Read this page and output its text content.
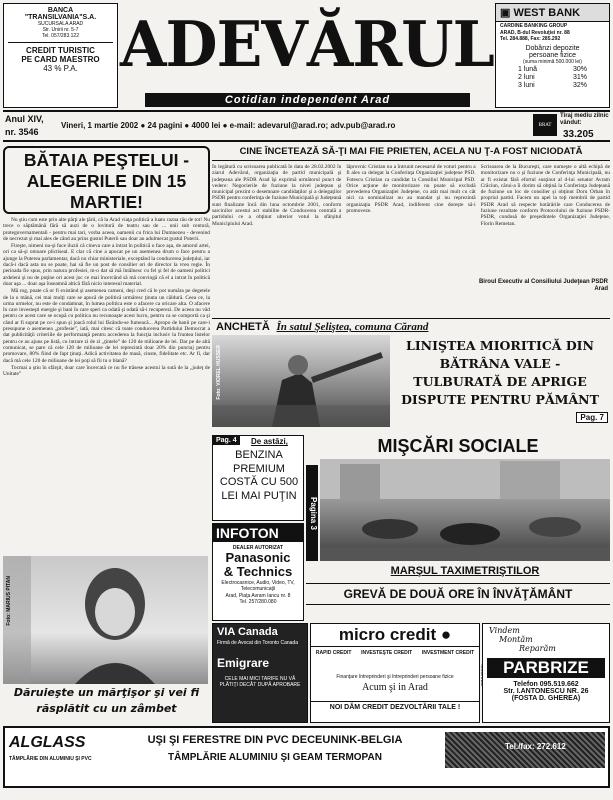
BANCA
"TRANSILVANIA"S.A.
SUCURSALA ARAD
Str. Unirii nr. 5-7
Tel. 057/283.122
CREDIT TURISTIC
PE CARD MAESTRO
43 % P.A. ADEVĂRUL
Cotidian independent Arad
▣ WEST BANK
CARDINE BANKING GROUP
ARAD, B-dul Revoluţiei nr. 88
Tel. 284.888, Fax: 285.292
Dobânzi depozite
persoane fizice
(suma minimă 500.000 lei)
1 lună	30%
2 luni	31%
3 luni	32%
Anul XIV,
nr. 3546
Vineri, 1 martie 2002 ● 24 pagini ● 4000 lei ● e-mail: adevarul@arad.ro; adv.pub@arad.ro	BRAT
Tiraj mediu zilnic vândut:
33.205
BĂTAIA PEŞTELUI - ALEGERILE DIN 15 MARTIE!

Nu ştiu cum este prin alte părţi ale ţării, că la Arad viaţa politică a luato razna rău de tot! Nu trece o săptămână fără să auzi de o lovitură de teatru sau de ... unii sub centură, proteguvernamentali - pentru mai tari, vorba aceea, oamenii cu frica lui Dumnezeu - devenind de necrezut şi mai ales de când au prins gustul Puterii sau doar au adulmecat gustul Puterii.

Fireşte, nimeni nu-şi face iluzii că cineva care a intrat în politică o face aşa, de amorul artei, ori ca să-şi omoare plictiseal. E clar că cine a apucat pe un asemenea drum o face pentru a ajunge la Puterea parlamentar, dacă nu chiar ministeriale, exceptând la conducerea judeţului, iar dacă-i dacă asta nu se poate, hai să fie un post de consilier ori de director la vreo regie. În perioada fie spus, prin natura profesiei, m-o dat să mă întâlnesc cu fel şi fel de oameni politici ardeleni şi nu de puţine ori acest joc ce mai încercând să mă convingă că el a intrat în politică doar aşa ... doar aşa înseamnă altică fără nicio interesul material.

Mă rog, poate că or fi existând şi asemenea cameni, deşi cred că le pot număra pe degetele de la o mână, cei mai mulţi care se apucă de politică urmăresc ţinuta un căldură. Ceea ce, la urma urmelor, nu este de condamnat, în lumea politica este o afacere ca oricare alta. O afacere în care investeşti energie şi bani în care speri ca odată şi odată să-i recuperezi. De aceea nu văd pentru ce acest care se ocupă cu politica nu recunoaşte acest lucru, pentru ca se comportă ca şi când ar fi suprat pe ce-i spun şi joacă rolul lui făcându-se fumeacă... Apropo de banii pe care-i presupune o asemenea „profesie”, iată, mai citesc că toate conducerea Partidului Democrat a dat publicităţii criteriile de performanţă pentru accederea la funcţia inclusiv la fruntea listelor pentru ce au ajuns pe listă, cu intrare zi de zi „ţintele” de 120 de milioane de lei. Dar pe de altă comunicat, se pare că cele 120 de milioane de lei reprezintă doar 20% din punctaj pentru promovare, 80% fiind de fapt ţinuţi. Adică activitatea de masă, cinste, fidelitate etc. Ar fi, dar dacă mă cele 120 de milioane de lei poţi să fii tu o blană?

Tocmai a ştiu în sfârşit, doar care încercată ce nu fie trăsese acestui la sută de la „judeţ de Unitate”

CINE ÎNCETEAZĂ SĂ-ŢI MAI FIE PRIETEN, ACELA NU Ţ-A FOST NICIODATĂ

În legătură cu scrisoarea publicată în data de 28.02.2002 în ziarul Adevărul, organizaţia de partid municipală şi judeţeana ale PSDR Arad îşi exprimă următorul punct de vedere: Negocierile de fuziune la nivel judeţean şi municipal prezint o desemnare candidaţilor şi a delegaţilor PSDR pentru conferinţa de fuziune Municipală şi Judeţeană sunt finalizate încă din luna octombrie 2001, conform sarcinilor acestui act stabilite de Conducerea centrală a partidului ce a obţinut ulterior votul la sfârşitul Municipiului Arad.

lăprovnic Cristian nu a întrunit necesarul de voturi pentru a fi ales ca delegat la Conferinţa Organizaţiei judeţene PSD. Fotescu Cristian ca candidat la Consiliul Municipal PSD. Orice acţiune de monitorizare nu poate să excludă prevederea Organizaţiei Judeţene, cu atât mai mult cu cât nici ca nominalizat nu au mandat şi nu reprezintă organizaţia PSDR Arad, indiferent cine doreşte să-i promoveze.

Scrisoarea de la Bucureşti, care numeşte o altă echipă de monitorizare nu o şi fuziune de Conferinţa Municipală, nu ar fi existat fără efortul susţinut al d-lui senator Avram Crăciun, cărui-a îi dorim să obţină la Conferinţa Judeţeană de fuziune un loc de consilier şi obţinut Doru Orban în propriul partid. Facem un apel la toţi membrii de partid PSDR Arad să respecte hotărârile care Conducerea de fuziune rezultate conform Protocolului de fuziune PSDR-PSDR, condusă de preşedintele Organizaţiei Judeţene, Florin Remetan.

Biroul Executiv al Consiliului Judeţean PSDR Arad
ANCHETĂ În satul Şeliştea, comuna Cărand
Foto: VIOREL HUSSER	LINIŞTEA MIORITICĂ DIN BĂTRÂNA VALE - TULBURATĂ DE APRIGE DISPUTE PENTRU PĂMÂNT
Pag. 7
Pag. 4	De astăzi,
BENZINA PREMIUM COSTĂ CU 500 LEI MAI PUŢIN
MIŞCĂRI SOCIALE
Pagina 3
MARŞUL TAXIMETRIŞTILOR
GREVĂ DE DOUĂ ORE ÎN ÎNVĂŢĂMÂNT
INFOTON
DEALER AUTORIZAT
Panasonic
& Technics
Electrocasnice, Audio, Video, TV, Telecomunicaţii
Arad, Piaţa Avram Iancu nr. 8
Tel. 257/280.080
Foto: MARIUS PITAN
Dăruieşte un mărţişor şi vei fi
răsplătit cu un zâmbet
VIA Canada
Firmă de Avocat din Toronto Canada
Emigrare
CELE MAI MICI TARIFE NU VĂ PLĂTIŢI DECÂT DUPĂ APROBARE
micro credit ●
RAPID CREDIT INVESTEŞTE CREDIT INVESTMENT CREDIT
Finanţare întreprinderi şi întreprinderi persoane fizice
Acum şi in Arad
NOI DĂM CREDIT DEZVOLTĂRII TALE !
Vindem
Montăm
Reparăm
PARBRIZE
Telefon 095.519.662
Str. I.ANTONESCU NR. 26
(FOSTA D. GHEREA)
ALGLASS
TÂMPLĂRIE DIN ALUMINIU ŞI PVC
UŞI ŞI FERESTRE DIN PVC DECEUNINK-BELGIA
TÂMPLĂRIE ALUMINIU ŞI GEAM TERMOPAN
Tel./fax: 272.612
